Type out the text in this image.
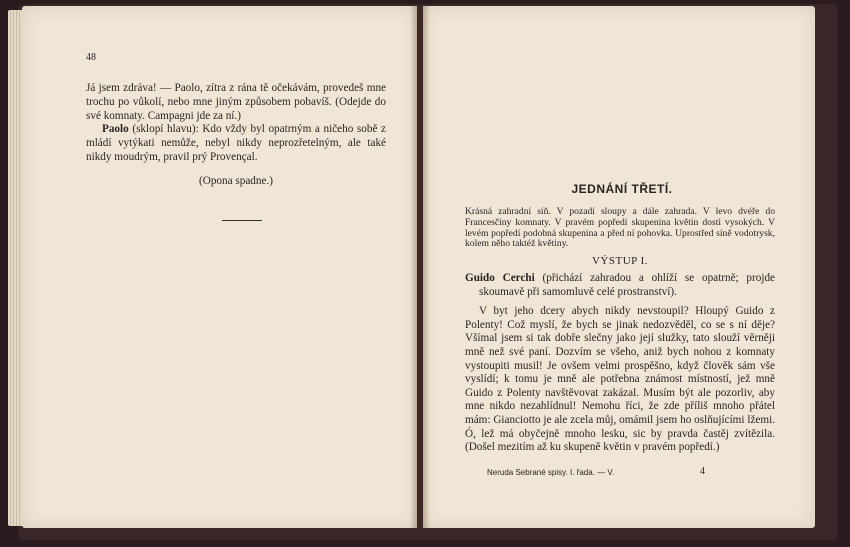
48

Já jsem zdráva! — Paolo, zítra z rána tě očekávám, provedeš mne trochu po vůkolí, nebo mne jiným způsobem pobavíš. (Odejde do své komnaty. Campagni jde za ní.)

Paolo (sklopí hlavu): Kdo vždy byl opatrným a ničeho sobě z mládí vytýkati nemůže, nebyl nikdy neprozřetelným, ale také nikdy moudrým, pravil prý Provençal.

(Opona spadne.)

JEDNÁNÍ TŘETÍ.
Krásná zahradní síň. V pozadí sloupy a dále zahrada. V levo dvéře do Francesčiny komnaty. V pravém popředí skupenina květin dosti vysokých. V levém popředí podobná skupenina a před ní pohovka. Uprostřed síně vodotrysk, kolem něho taktéž květiny.
VÝSTUP I.

Guido Cerchi (přichází zahradou a ohlíží se opatrně; projde skoumavě při samomluvě celé prostranství).

V byt jeho dcery abych nikdy nevstoupil? Hloupý Guido z Polenty! Což myslí, že bych se jinak nedozvěděl, co se s ní děje? Všímal jsem si tak dobře slečny jako její služky, tato slouží věrněji mně než své paní. Dozvím se všeho, aniž bych nohou z komnaty vystoupiti musil! Je ovšem velmi prospěšno, když člověk sám vše vyslídí; k tomu je mně ale potřebna známost místností, jež mně Guido z Polenty navštěvovat zakázal. Musím být ale pozorliv, aby mne nikdo nezahlídnul! Nemohu říci, že zde příliš mnoho přátel mám: Gianciotto je ale zcela můj, omámil jsem ho oslňujícími lžemi. Ó, lež má obyčejně mnoho lesku, sic by pravda častěj zvítězila. (Došel mezitím až ku skupeně květin v pravém popředí.)

Neruda Sebrané spisy. I. řada. — V.	4
